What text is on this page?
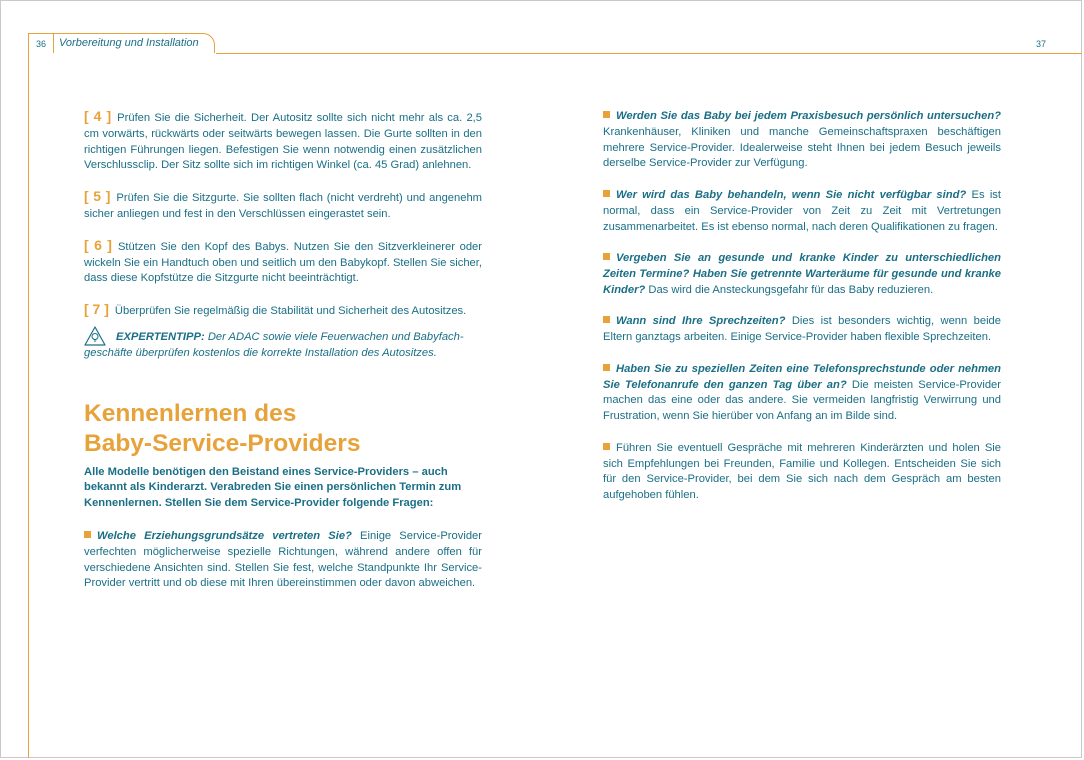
36 Vorbereitung und Installation	37

[ 4 ] Prüfen Sie die Sicherheit. Der Autositz sollte sich nicht mehr als ca. 2,5 cm vorwärts, rückwärts oder seitwärts bewegen lassen. Die Gurte sollten in den richtigen Führungen liegen. Befestigen Sie wenn notwendig einen zusätzlichen Verschlussclip. Der Sitz sollte sich im richtigen Winkel (ca. 45 Grad) anlehnen.

[ 5 ] Prüfen Sie die Sitzgurte. Sie sollten flach (nicht verdreht) und angenehm sicher anliegen und fest in den Verschlüssen eingerastet sein.

[ 6 ] Stützen Sie den Kopf des Babys. Nutzen Sie den Sitzverkleinerer oder wickeln Sie ein Handtuch oben und seitlich um den Babykopf. Stellen Sie sicher, dass diese Kopfstütze die Sitzgurte nicht beeinträchtigt.

[ 7 ] Überprüfen Sie regelmäßig die Stabilität und Sicherheit des Autositzes.

EXPERTENTIPP: Der ADAC sowie viele Feuerwachen und Babyfach-
geschäfte überprüfen kostenlos die korrekte Installation des Autositzes.
Kennenlernen des
Baby-Service-Providers

Alle Modelle benötigen den Beistand eines Service-Providers – auch bekannt als Kinderarzt. Verabreden Sie einen persönlichen Termin zum Kennenlernen. Stellen Sie dem Service-Provider folgende Fragen:

Welche Erziehungsgrundsätze vertreten Sie? Einige Service-Provider verfechten möglicherweise spezielle Richtungen, während andere offen für verschiedene Ansichten sind. Stellen Sie fest, welche Standpunkte Ihr Service-Provider vertritt und ob diese mit Ihren übereinstimmen oder davon abweichen.

Werden Sie das Baby bei jedem Praxisbesuch persönlich untersuchen? Krankenhäuser, Kliniken und manche Gemeinschaftspraxen beschäftigen mehrere Service-Provider. Idealerweise steht Ihnen bei jedem Besuch jeweils derselbe Service-Provider zur Verfügung.

Wer wird das Baby behandeln, wenn Sie nicht verfügbar sind? Es ist normal, dass ein Service-Provider von Zeit zu Zeit mit Vertretungen zusammenarbeitet. Es ist ebenso normal, nach deren Qualifikationen zu fragen.

Vergeben Sie an gesunde und kranke Kinder zu unterschiedlichen Zeiten Termine? Haben Sie getrennte Warteräume für gesunde und kranke Kinder? Das wird die Ansteckungsgefahr für das Baby reduzieren.

Wann sind Ihre Sprechzeiten? Dies ist besonders wichtig, wenn beide Eltern ganztags arbeiten. Einige Service-Provider haben flexible Sprechzeiten.

Haben Sie zu speziellen Zeiten eine Telefonsprechstunde oder nehmen Sie Telefonanrufe den ganzen Tag über an? Die meisten Service-Provider machen das eine oder das andere. Sie vermeiden langfristig Verwirrung und Frustration, wenn Sie hierüber von Anfang an im Bilde sind.

Führen Sie eventuell Gespräche mit mehreren Kinderärzten und holen Sie sich Empfehlungen bei Freunden, Familie und Kollegen. Entscheiden Sie sich für den Service-Provider, bei dem Sie sich nach dem Gespräch am besten aufgehoben fühlen.
